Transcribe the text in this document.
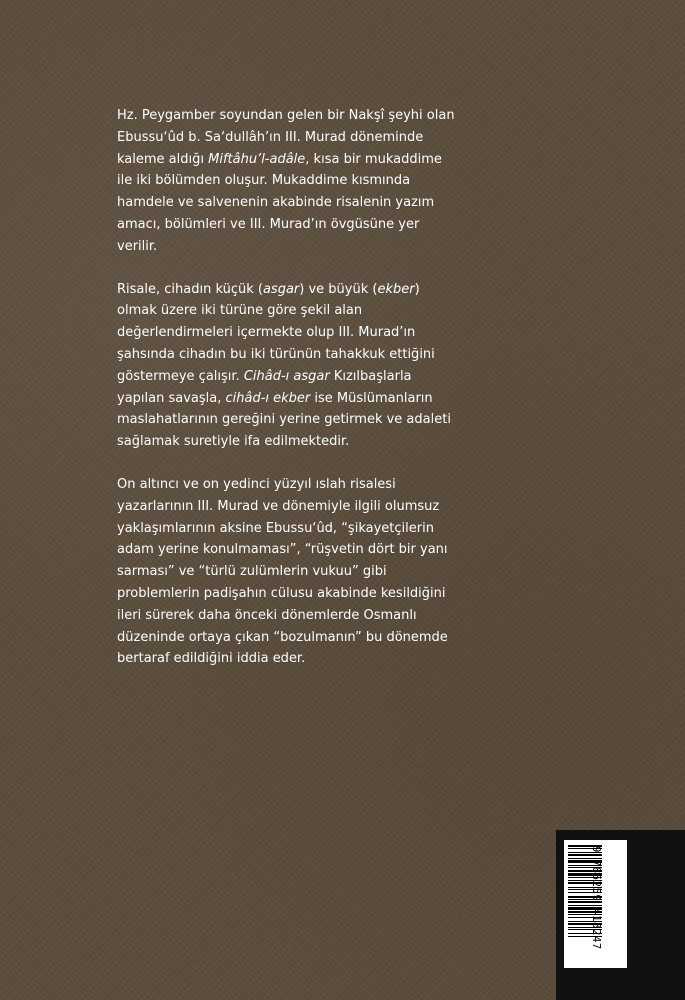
Hz. Peygamber soyundan gelen bir Nakşî şeyhi olan Ebussu‘ûd b. Sa‘dullâh’ın III. Murad döneminde kaleme aldığı Miftâhu’l-adâle, kısa bir mukaddime ile iki bölümden oluşur. Mukaddime kısmında hamdele ve salvenenin akabinde risalenin yazım amacı, bölümleri ve III. Murad’ın övgüsüne yer verilir.

Risale, cihadın küçük (asgar) ve büyük (ekber) olmak üzere iki türüne göre şekil alan değerlendirmeleri içermekte olup III. Murad’ın şahsında cihadın bu iki türünün tahakkuk ettiğini göstermeye çalışır. Cihâd-ı asgar Kızılbaşlarla yapılan savaşla, cihâd-ı ekber ise Müslümanların maslahatlarının gereğini yerine getirmek ve adaleti sağlamak suretiyle ifa edilmektedir.

On altıncı ve on yedinci yüzyıl ıslah risalesi yazarlarının III. Murad ve dönemiyle ilgili olumsuz yaklaşımlarının aksine Ebussu‘ûd, “şikayetçilerin adam yerine konulmaması”, “rüşvetin dört bir yanı sarması” ve “türlü zulümlerin vukuu” gibi problemlerin padişahın cülusu akabinde kesildiğini ileri sürerek daha önceki dönemlerde Osmanlı düzeninde ortaya çıkan “bozulmanın” bu dönemde bertaraf edildiğini iddia eder.

9 786259 418247
